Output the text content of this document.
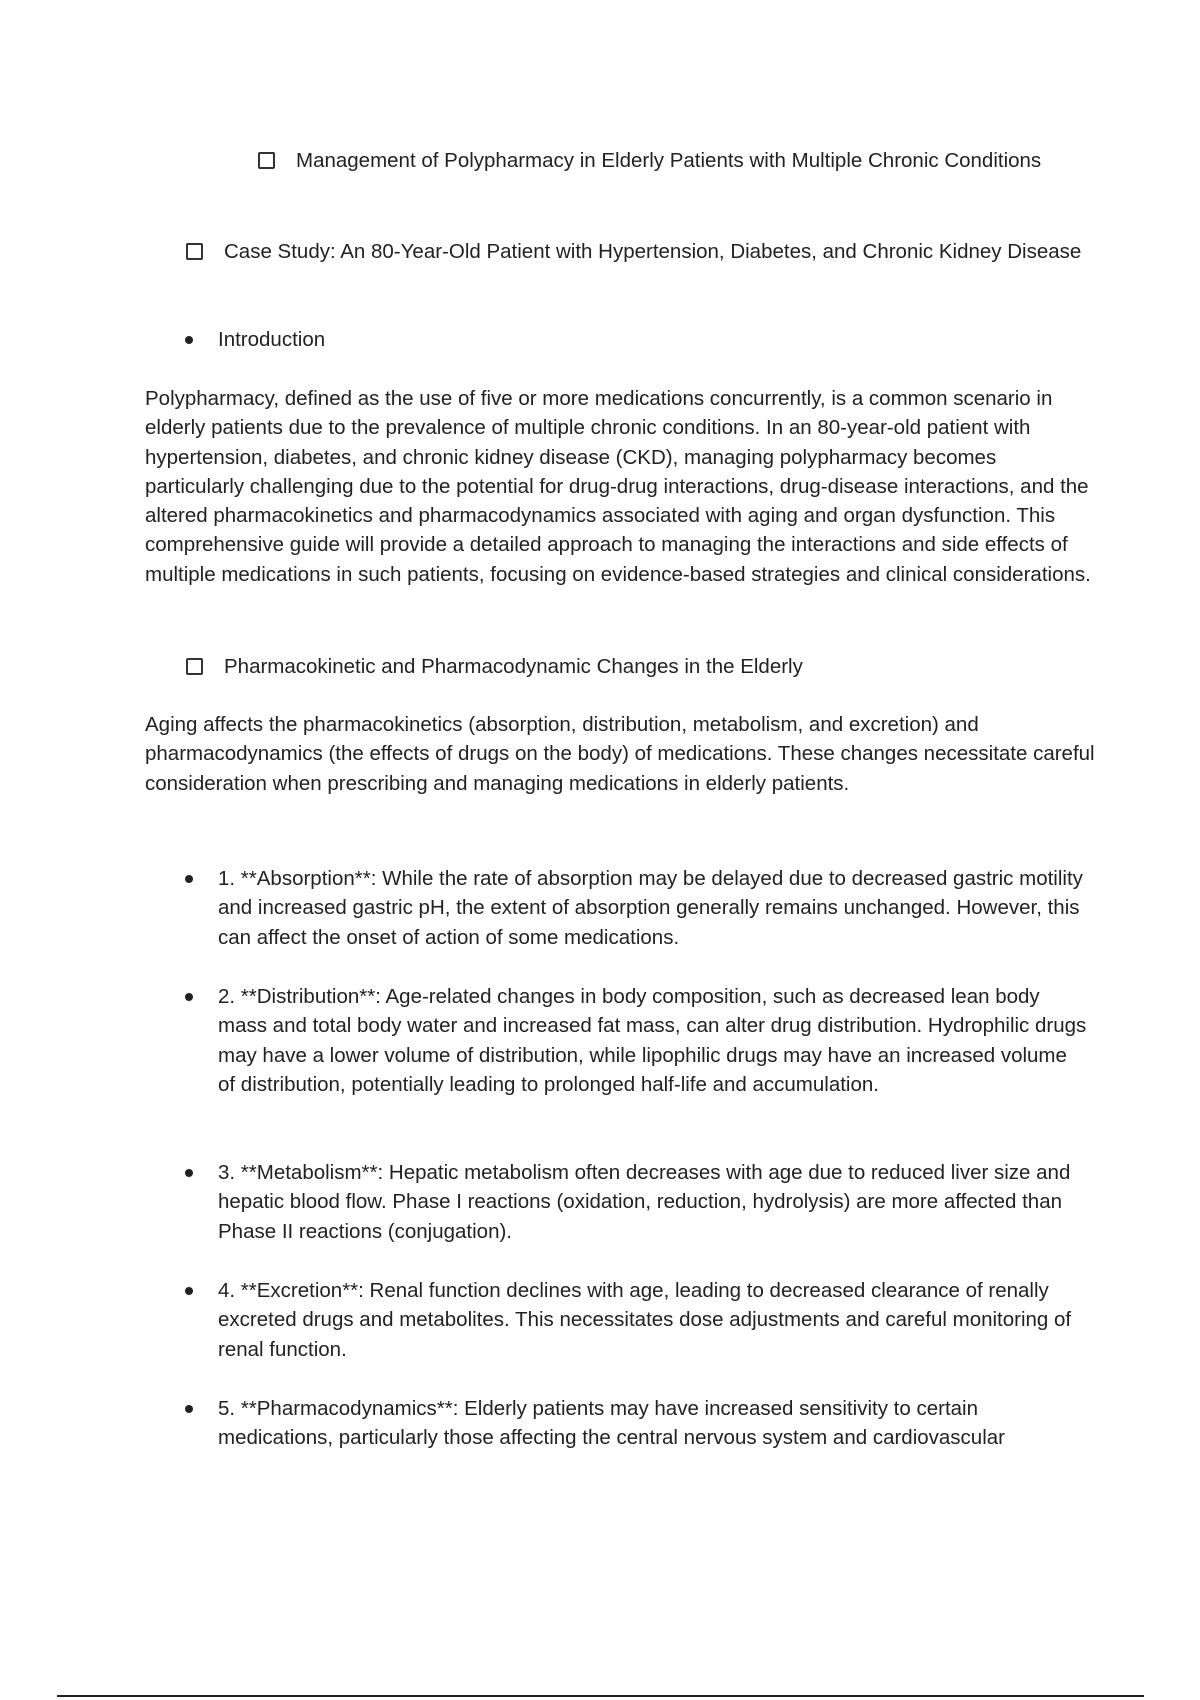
Management of Polypharmacy in Elderly Patients with Multiple Chronic Conditions
Case Study: An 80-Year-Old Patient with Hypertension, Diabetes, and Chronic Kidney Disease
Introduction

Polypharmacy, defined as the use of five or more medications concurrently, is a common scenario in elderly patients due to the prevalence of multiple chronic conditions. In an 80-year-old patient with hypertension, diabetes, and chronic kidney disease (CKD), managing polypharmacy becomes particularly challenging due to the potential for drug-drug interactions, drug-disease interactions, and the altered pharmacokinetics and pharmacodynamics associated with aging and organ dysfunction. This comprehensive guide will provide a detailed approach to managing the interactions and side effects of multiple medications in such patients, focusing on evidence-based strategies and clinical considerations.

Pharmacokinetic and Pharmacodynamic Changes in the Elderly

Aging affects the pharmacokinetics (absorption, distribution, metabolism, and excretion) and pharmacodynamics (the effects of drugs on the body) of medications. These changes necessitate careful consideration when prescribing and managing medications in elderly patients.

1. **Absorption**: While the rate of absorption may be delayed due to decreased gastric motility and increased gastric pH, the extent of absorption generally remains unchanged. However, this can affect the onset of action of some medications.
2. **Distribution**: Age-related changes in body composition, such as decreased lean body mass and total body water and increased fat mass, can alter drug distribution. Hydrophilic drugs may have a lower volume of distribution, while lipophilic drugs may have an increased volume of distribution, potentially leading to prolonged half-life and accumulation.
3. **Metabolism**: Hepatic metabolism often decreases with age due to reduced liver size and hepatic blood flow. Phase I reactions (oxidation, reduction, hydrolysis) are more affected than Phase II reactions (conjugation).
4. **Excretion**: Renal function declines with age, leading to decreased clearance of renally excreted drugs and metabolites. This necessitates dose adjustments and careful monitoring of renal function.
5. **Pharmacodynamics**: Elderly patients may have increased sensitivity to certain medications, particularly those affecting the central nervous system and cardiovascular
